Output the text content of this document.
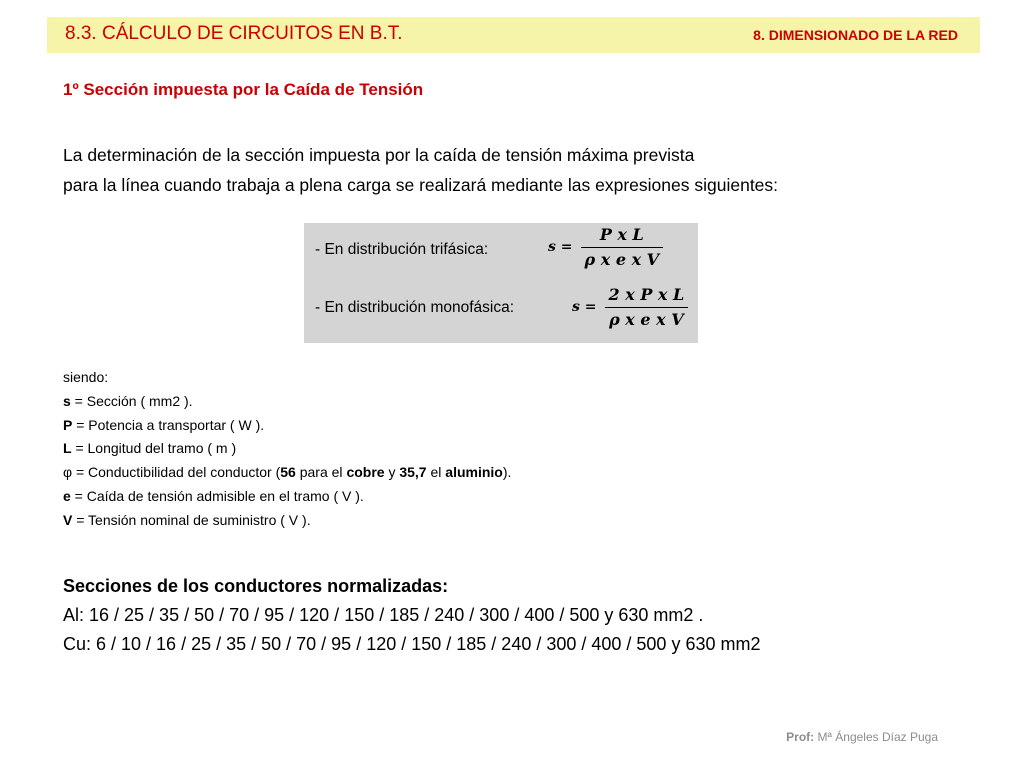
8.3. CÁLCULO DE CIRCUITOS EN B.T.	8. DIMENSIONADO DE LA RED
1º Sección impuesta por la Caída de Tensión

La determinación de la sección impuesta por la caída de tensión máxima prevista

para la línea cuando trabaja a plena carga se realizará mediante las expresiones siguientes:

- En distribución trifásica:	$s = \frac{\text{P x L}}{\text{ρ x e x V}}$
- En distribución monofásica:	$s = \frac{\text{2 x P x L}}{\text{ρ x e x V}}$
siendo:
s = Sección ( mm2 ).
P = Potencia a transportar ( W ).
L = Longitud del tramo ( m )
φ = Conductibilidad del conductor (56 para el cobre y 35,7 el aluminio).
e = Caída de tensión admisible en el tramo ( V ).
V = Tensión nominal de suministro ( V ).
Secciones de los conductores normalizadas:
Al: 16 / 25 / 35 / 50 / 70 / 95 / 120 / 150 / 185 / 240 / 300 / 400 / 500 y 630 mm2 .
Cu: 6 / 10 / 16 / 25 / 35 / 50 / 70 / 95 / 120 / 150 / 185 / 240 / 300 / 400 / 500 y 630 mm2
Prof: Mª Ángeles Díaz Puga
